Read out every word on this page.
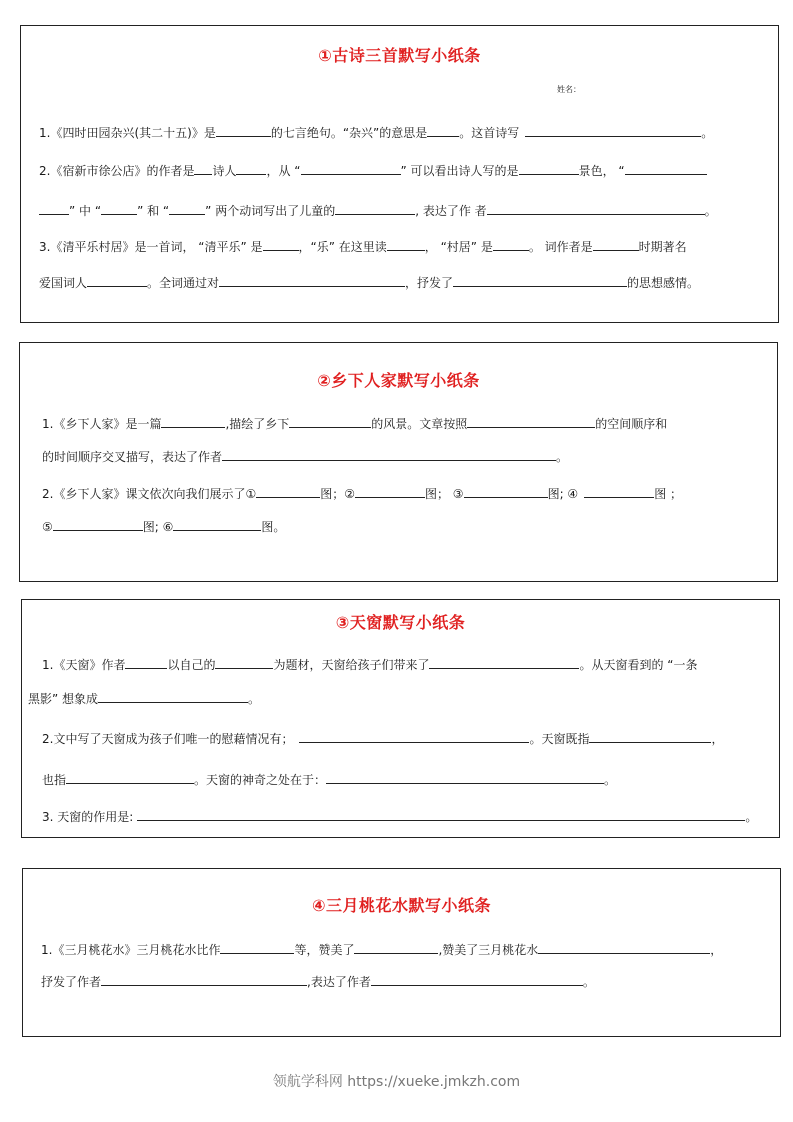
①古诗三首默写小纸条
姓名：
1.《四时田园杂兴(其二十五)》是	的七言绝句。“杂兴”的意思是	。这首诗写	。
2.《宿新市徐公店》的作者是 诗人	，从 “	” 可以看出诗人写的是	景色， “
” 中 “	” 和 “	” 两个动词写出了儿童的	, 表达了作 者	。
3.《清平乐村居》是一首词， “清平乐” 是	，“乐” 在这里读	， “村居” 是	。 词作者是	时期著名
爱国词人	。全词通过对	，抒发了	的思想感情。
②乡下人家默写小纸条
1.《乡下人家》是一篇	,描绘了乡下	的风景。文章按照	的空间顺序和
的时间顺序交叉描写，表达了作者	。
2.《乡下人家》课文依次向我们展示了①	图；②	图； ③	图; ④	图 ；
⑤	图; ⑥	图。
③天窗默写小纸条
1.《天窗》作者	以自己的	为题材，天窗给孩子们带来了	。从天窗看到的 “一条
黑影” 想象成	。
2.文中写了天窗成为孩子们唯一的慰藉情况有；	。天窗既指	，
也指	。天窗的神奇之处在于：	。
3. 天窗的作用是:	。
④三月桃花水默写小纸条
1.《三月桃花水》三月桃花水比作	等，赞美了	,赞美了三月桃花水	，
抒发了作者	,表达了作者	。
领航学科网 https://xueke.jmkzh.com
